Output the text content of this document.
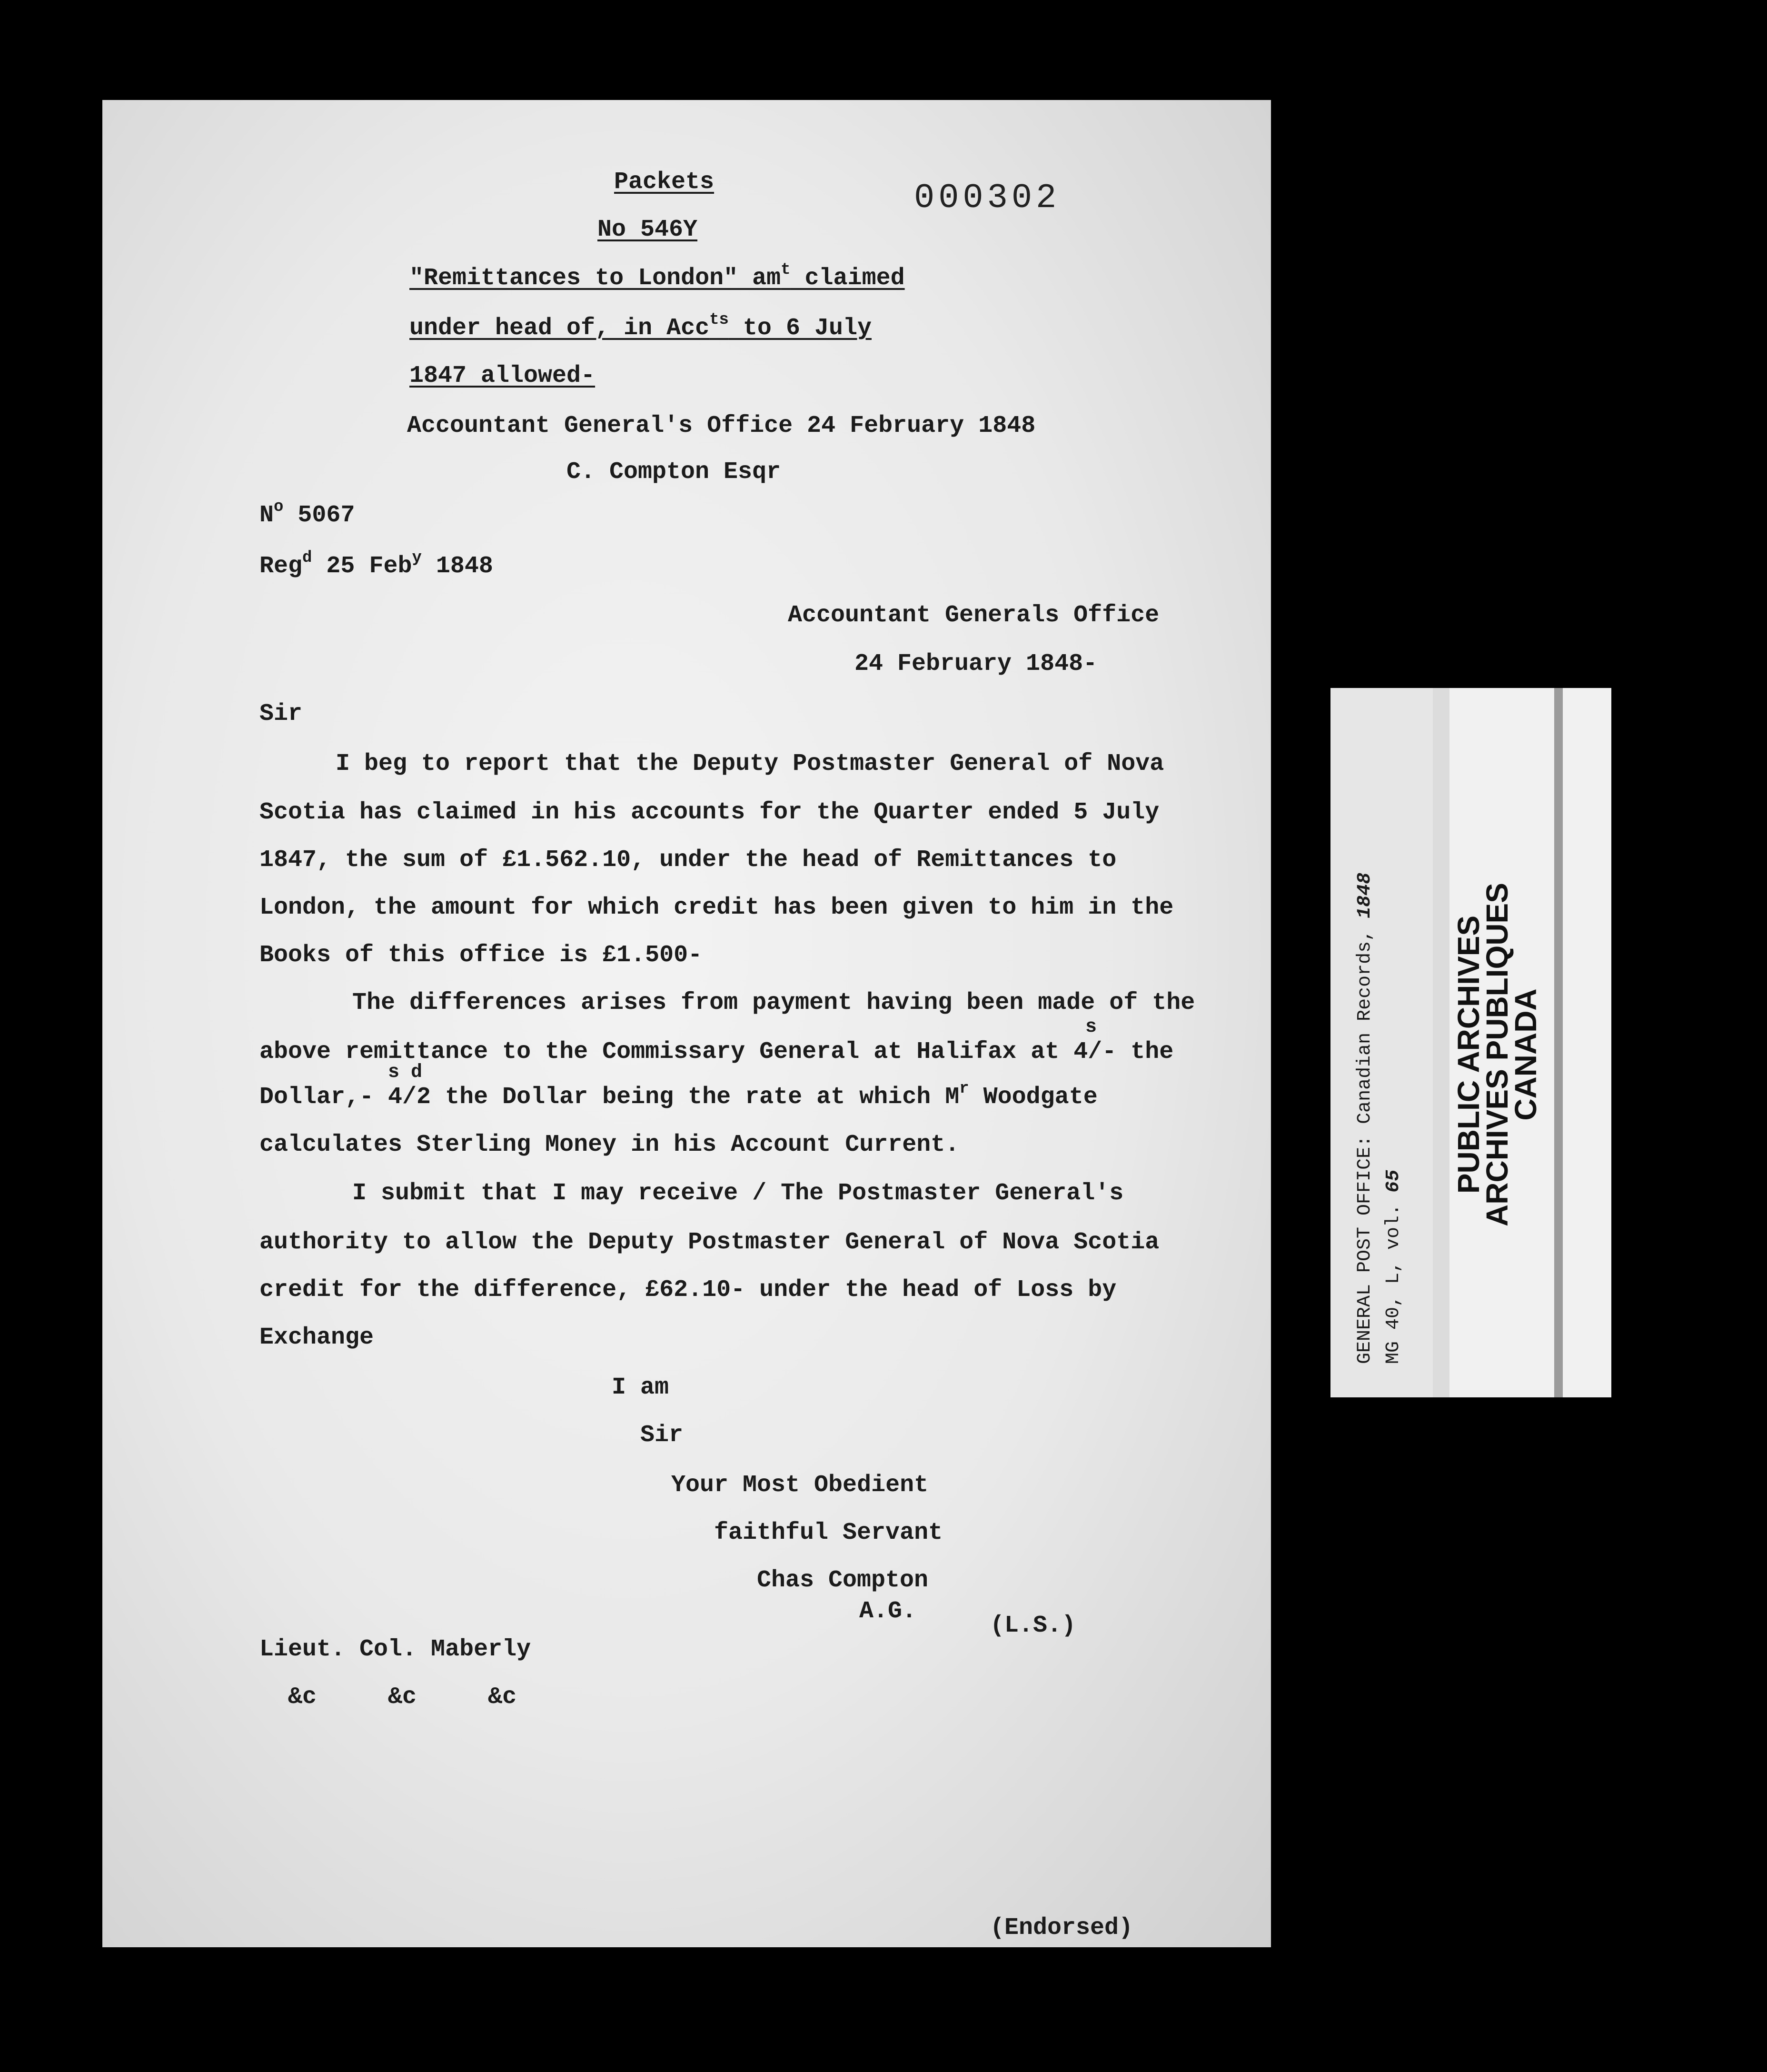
Packets
No 546Y
000302
"Remittances to London" $am^t$ claimed
under head of, in Acc$^{ts}$ to 6 July
1847 allowed-
Accountant General's Office 24 February 1848
C. Compton Esqr
$N^o$ 5067
Reg$^d$ 25 Feb$^y$ 1848
Accountant Generals Office
24 February 1848-
Sir
I beg to report that the Deputy Postmaster General of Nova
Scotia has claimed in his accounts for the Quarter ended 5 July
1847, the sum of £1.562.10, under the head of Remittances to
London, the amount for which credit has been given to him in the
Books of this office is £1.500-
The differences arises from payment having been made of the
s
above remittance to the Commissary General at Halifax at 4/- the
s d
Dollar,- 4/2 the Dollar being the rate at which $M^r$ Woodgate
calculates Sterling Money in his Account Current.
I submit that I may receive / The Postmaster General's
authority to allow the Deputy Postmaster General of Nova Scotia
credit for the difference, £62.10- under the head of Loss by
Exchange
I am
Sir
Your Most Obedient
faithful Servant
Chas Compton
A.G.
(L.S.)
Lieut. Col. Maberly
&c     &c     &c
(Endorsed)
GENERAL POST OFFICE: Canadian Records, 1848
MG 40, L, vol. 65 PUBLIC ARCHIVES
ARCHIVES PUBLIQUES
CANADA
